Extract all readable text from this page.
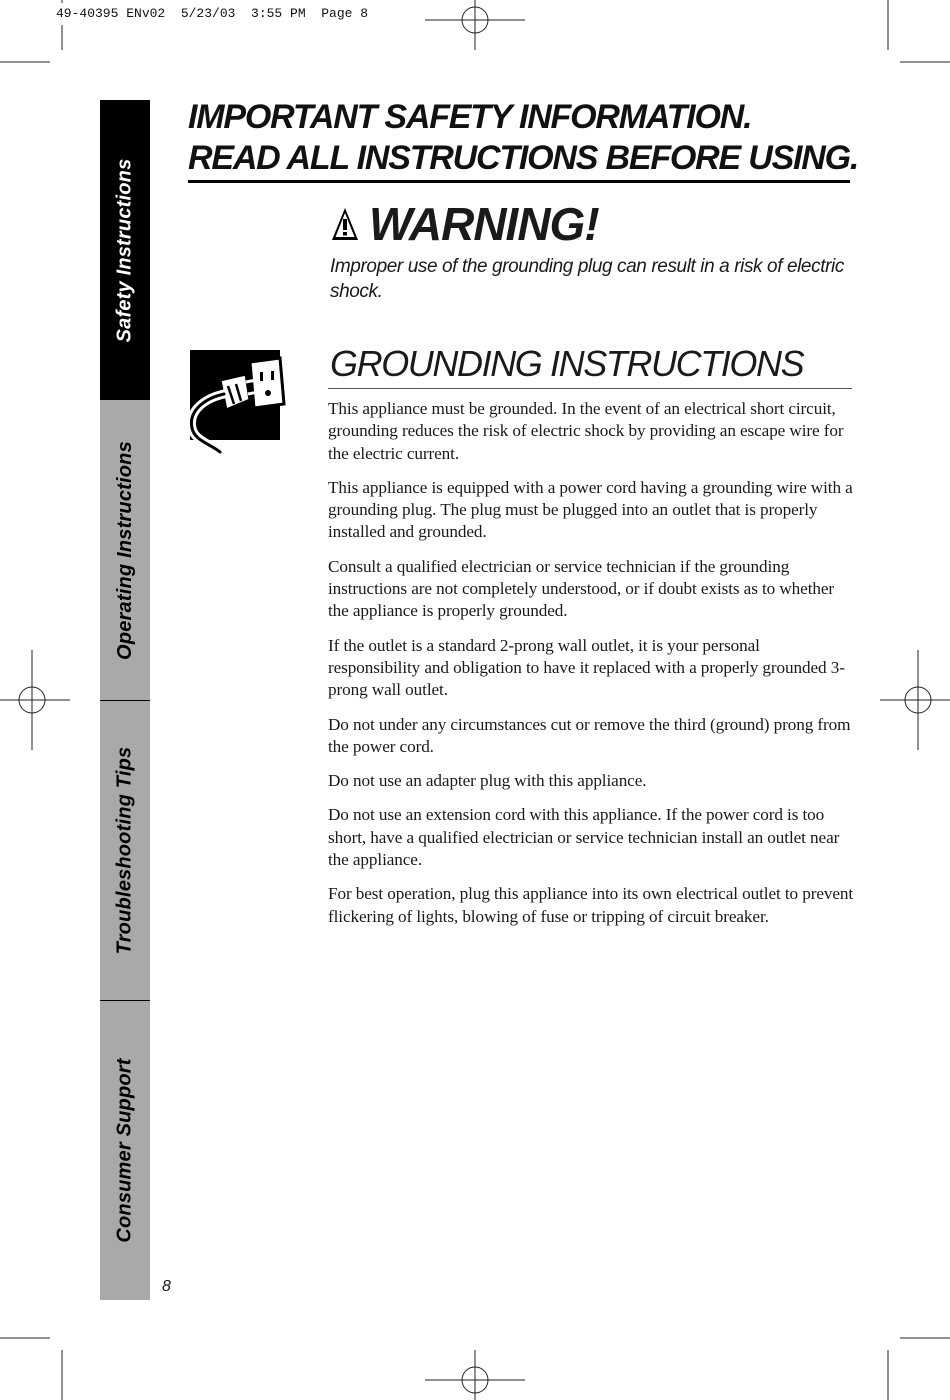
49-40395 ENv02  5/23/03  3:55 PM  Page 8
Safety Instructions
Operating Instructions
Troubleshooting Tips
Consumer Support
8
IMPORTANT SAFETY INFORMATION.
READ ALL INSTRUCTIONS BEFORE USING.
WARNING!

Improper use of the grounding plug can result in a risk of electric shock.

GROUNDING INSTRUCTIONS

This appliance must be grounded. In the event of an electrical short circuit, grounding reduces the risk of electric shock by providing an escape wire for the electric current.

This appliance is equipped with a power cord having a grounding wire with a grounding plug. The plug must be plugged into an outlet that is properly installed and grounded.

Consult a qualified electrician or service technician if the grounding instructions are not completely understood, or if doubt exists as to whether the appliance is properly grounded.

If the outlet is a standard 2-prong wall outlet, it is your personal responsibility and obligation to have it replaced with a properly grounded 3-prong wall outlet.

Do not under any circumstances cut or remove the third (ground) prong from the power cord.

Do not use an adapter plug with this appliance.

Do not use an extension cord with this appliance. If the power cord is too short, have a qualified electrician or service technician install an outlet near the appliance.

For best operation, plug this appliance into its own electrical outlet to prevent flickering of lights, blowing of fuse or tripping of circuit breaker.
